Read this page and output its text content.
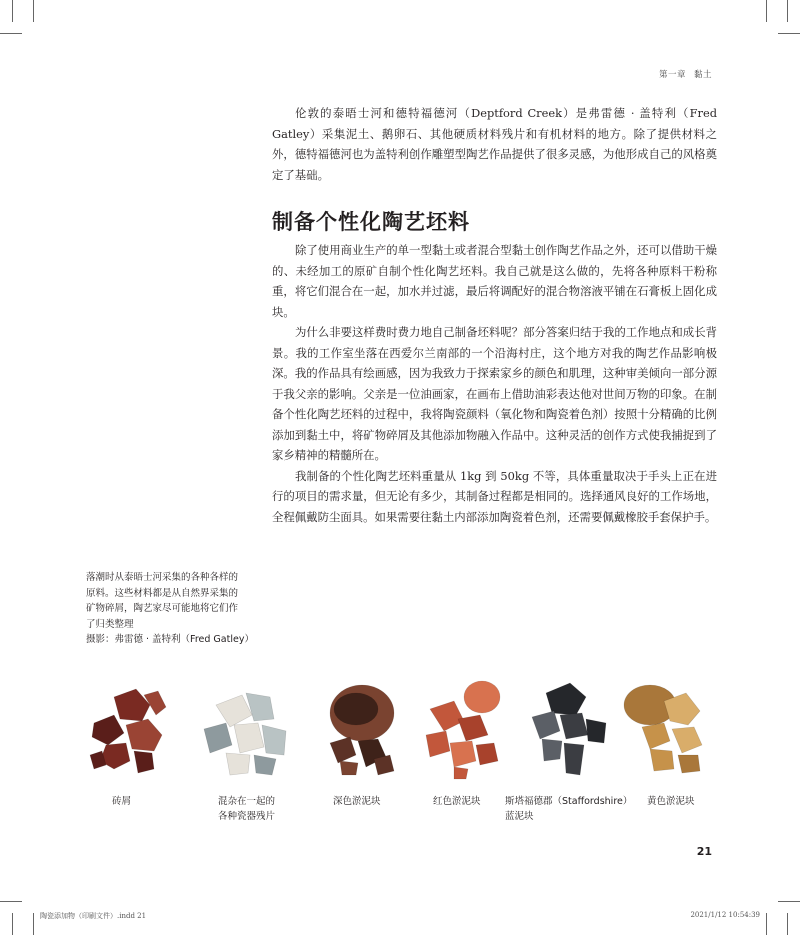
第一章 黏土

伦敦的泰晤士河和德特福德河（Deptford Creek）是弗雷德 · 盖特利（Fred Gatley）采集泥土、鹅卵石、其他硬质材料残片和有机材料的地方。除了提供材料之外，德特福德河也为盖特利创作雕塑型陶艺作品提供了很多灵感，为他形成自己的风格奠定了基础。

制备个性化陶艺坯料

除了使用商业生产的单一型黏土或者混合型黏土创作陶艺作品之外，还可以借助干燥的、未经加工的原矿自制个性化陶艺坯料。我自己就是这么做的，先将各种原料干粉称重，将它们混合在一起，加水并过滤，最后将调配好的混合物溶液平铺在石膏板上固化成块。

为什么非要这样费时费力地自己制备坯料呢？部分答案归结于我的工作地点和成长背景。我的工作室坐落在西爱尔兰南部的一个沿海村庄，这个地方对我的陶艺作品影响极深。我的作品具有绘画感，因为我致力于探索家乡的颜色和肌理，这种审美倾向一部分源于我父亲的影响。父亲是一位油画家，在画布上借助油彩表达他对世间万物的印象。在制备个性化陶艺坯料的过程中，我将陶瓷颜料（氧化物和陶瓷着色剂）按照十分精确的比例添加到黏土中，将矿物碎屑及其他添加物融入作品中。这种灵活的创作方式使我捕捉到了家乡精神的精髓所在。

我制备的个性化陶艺坯料重量从 1kg 到 50kg 不等，具体重量取决于手头上正在进行的项目的需求量，但无论有多少，其制备过程都是相同的。选择通风良好的工作场地，全程佩戴防尘面具。如果需要往黏土内部添加陶瓷着色剂，还需要佩戴橡胶手套保护手。

落潮时从泰晤士河采集的各种各样的
原料。这些材料都是从自然界采集的
矿物碎屑，陶艺家尽可能地将它们作
了归类整理
摄影：弗雷德 · 盖特利（Fred Gatley）
砖屑	混杂在一起的
各种瓷器残片
深色淤泥块	红色淤泥块	斯塔福德郡（Staffordshire）
蓝泥块
黄色淤泥块
21
陶瓷添加物（印刷文件）.indd 21	2021/1/12 10:54:39
